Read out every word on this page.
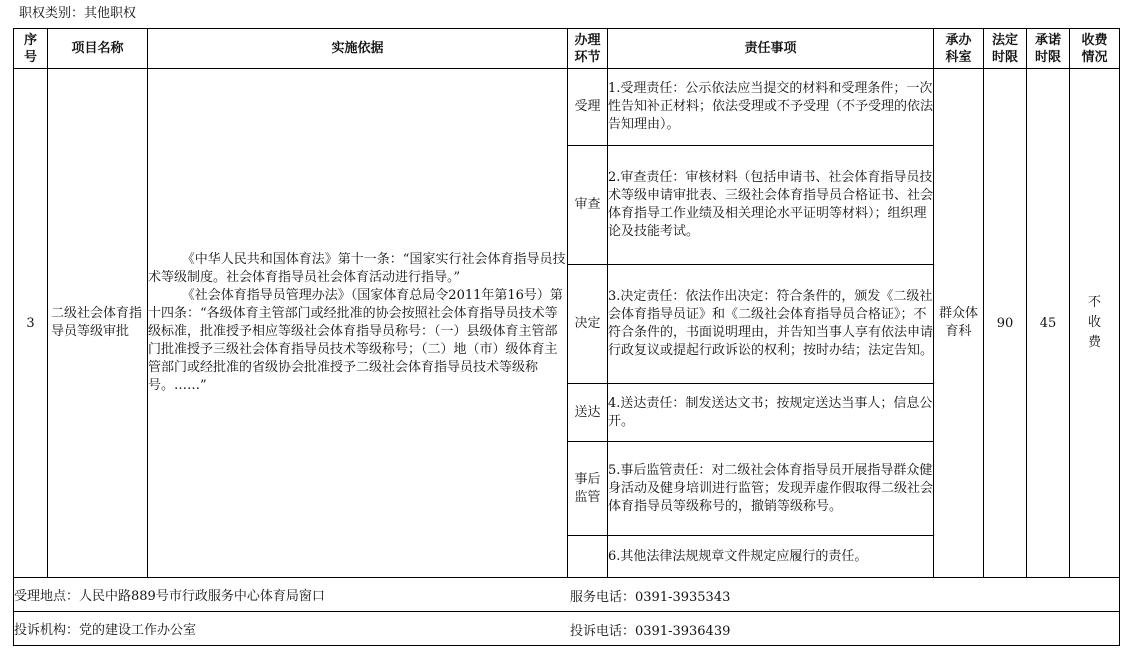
职权类别：其他职权
序号	项目名称	实施依据	办理环节	责任事项	承办科室	法定时限	承诺时限	收费情况
3	二级社会体育指导员等级审批	《中华人民共和国体育法》第十一条：“国家实行社会体育指导员技术等级制度。社会体育指导员社会体育活动进行指导。”

《社会体育指导员管理办法》（国家体育总局令2011年第16号）第十四条：“各级体育主管部门或经批准的协会按照社会体育指导员技术等级标准，批准授予相应等级社会体育指导员称号：（一）县级体育主管部门批准授予三级社会体育指导员技术等级称号；（二）地（市）级体育主管部门或经批准的省级协会批准授予二级社会体育指导员技术等级称号。……”	受理	1.受理责任：公示依法应当提交的材料和受理条件；一次性告知补正材料；依法受理或不予受理（不予受理的依法告知理由）。	群众体育科	90	45	不收费
			审查	2.审查责任：审核材料（包括申请书、社会体育指导员技术等级申请审批表、三级社会体育指导员合格证书、社会体育指导工作业绩及相关理论水平证明等材料）；组织理论及技能考试。				
			决定	3.决定责任：依法作出决定：符合条件的，颁发《二级社会体育指导员证》和《二级社会体育指导员合格证》；不符合条件的，书面说明理由，并告知当事人享有依法申请行政复议或提起行政诉讼的权利；按时办结；法定告知。				
			送达	4.送达责任：制发送达文书；按规定送达当事人；信息公开。				
			事后监管	5.事后监管责任：对二级社会体育指导员开展指导群众健身活动及健身培训进行监管；发现弄虚作假取得二级社会体育指导员等级称号的，撤销等级称号。				
				6.其他法律法规规章文件规定应履行的责任。				
受理地点：人民中路889号市行政服务中心体育局窗口 服务电话：0391-3935343								

投诉机构：党的建设工作办公室 投诉电话：0391-3936439								
